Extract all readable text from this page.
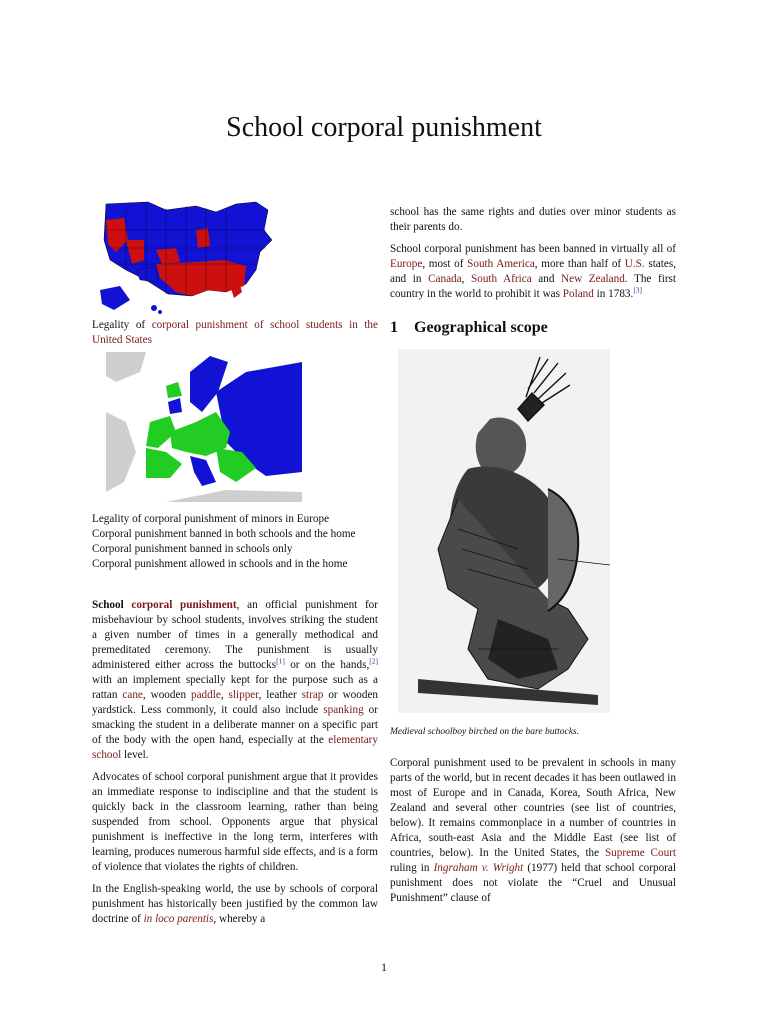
School corporal punishment

Legality of corporal punishment of school students in the United States

Legality of corporal punishment of minors in Europe

Corporal punishment banned in both schools and the home

Corporal punishment banned in schools only

Corporal punishment allowed in schools and in the home

School corporal punishment, an official punishment for misbehaviour by school students, involves striking the student a given number of times in a generally methodical and premeditated ceremony. The punishment is usually administered either across the buttocks[1] or on the hands,[2] with an implement specially kept for the purpose such as a rattan cane, wooden paddle, slipper, leather strap or wooden yardstick. Less commonly, it could also include spanking or smacking the student in a deliberate manner on a specific part of the body with the open hand, especially at the elementary school level.

Advocates of school corporal punishment argue that it provides an immediate response to indiscipline and that the student is quickly back in the classroom learning, rather than being suspended from school. Opponents argue that physical punishment is ineffective in the long term, interferes with learning, produces numerous harmful side effects, and is a form of violence that violates the rights of children.

In the English-speaking world, the use by schools of corporal punishment has historically been justified by the common law doctrine of in loco parentis, whereby a

school has the same rights and duties over minor students as their parents do.

School corporal punishment has been banned in virtually all of Europe, most of South America, more than half of U.S. states, and in Canada, South Africa and New Zealand. The first country in the world to prohibit it was Poland in 1783.[3]

1 Geographical scope

Medieval schoolboy birched on the bare buttocks.

Corporal punishment used to be prevalent in schools in many parts of the world, but in recent decades it has been outlawed in most of Europe and in Canada, Korea, South Africa, New Zealand and several other countries (see list of countries, below). It remains commonplace in a number of countries in Africa, south-east Asia and the Middle East (see list of countries, below). In the United States, the Supreme Court ruling in Ingraham v. Wright (1977) held that school corporal punishment does not violate the “Cruel and Unusual Punishment” clause of

1
